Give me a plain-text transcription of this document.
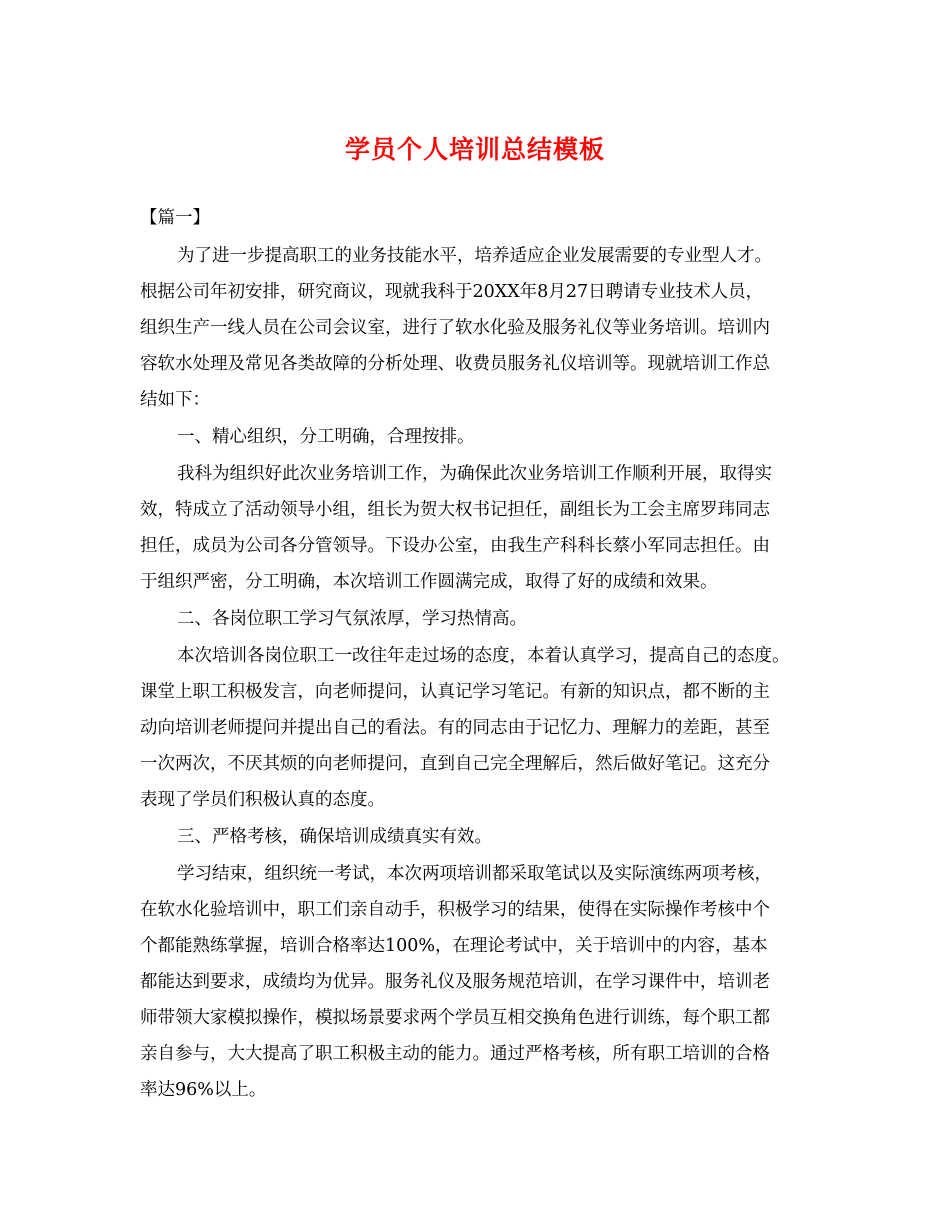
学员个人培训总结模板

【篇一】

为了进一步提高职工的业务技能水平，培养适应企业发展需要的专业型人才。

根据公司年初安排，研究商议，现就我科于20XX年8月27日聘请专业技术人员，

组织生产一线人员在公司会议室，进行了软水化验及服务礼仪等业务培训。培训内

容软水处理及常见各类故障的分析处理、收费员服务礼仪培训等。现就培训工作总

结如下：

一、精心组织，分工明确，合理按排。

我科为组织好此次业务培训工作，为确保此次业务培训工作顺利开展，取得实

效，特成立了活动领导小组，组长为贺大权书记担任，副组长为工会主席罗玮同志

担任，成员为公司各分管领导。下设办公室，由我生产科科长蔡小军同志担任。由

于组织严密，分工明确，本次培训工作圆满完成，取得了好的成绩和效果。

二、各岗位职工学习气氛浓厚，学习热情高。

本次培训各岗位职工一改往年走过场的态度，本着认真学习，提高自己的态度。

课堂上职工积极发言，向老师提问，认真记学习笔记。有新的知识点，都不断的主

动向培训老师提问并提出自己的看法。有的同志由于记忆力、理解力的差距，甚至

一次两次，不厌其烦的向老师提问，直到自己完全理解后，然后做好笔记。这充分

表现了学员们积极认真的态度。

三、严格考核，确保培训成绩真实有效。

学习结束，组织统一考试，本次两项培训都采取笔试以及实际演练两项考核，

在软水化验培训中，职工们亲自动手，积极学习的结果，使得在实际操作考核中个

个都能熟练掌握，培训合格率达100%，在理论考试中，关于培训中的内容，基本

都能达到要求，成绩均为优异。服务礼仪及服务规范培训，在学习课件中，培训老

师带领大家模拟操作，模拟场景要求两个学员互相交换角色进行训练，每个职工都

亲自参与，大大提高了职工积极主动的能力。通过严格考核，所有职工培训的合格

率达96%以上。
